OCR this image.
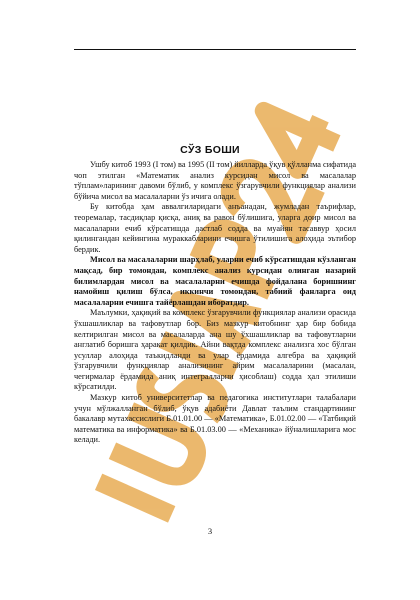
СЎЗ БОШИ

Ушбу китоб 1993 (I том) ва 1995 (II том) йилларда ўқув қўлланма сифатида чоп этилган «Математик анализ курсидан мисол ва масалалар тўплам»ларининг давоми бўлиб, у комплекс ўзгарувчили функциялар анализи бўйича мисол ва масалаларни ўз ичига олади.

Бу китобда ҳам аввалгиларидаги анъанадан, жумладан таърифлар, теоремалар, тасдиқлар қисқа, аниқ ва равон бўлишига, уларга доир мисол ва масалаларни ечиб кўрсатишда дастлаб содда ва муайян тасаввур ҳосил қилингандан кейингина мураккабларини ечишга ўтилишига алоҳида эътибор бердик.

Мисол ва масалаларни шарҳлаб, уларни ечиб кўрсатишдан кўзланган мақсад, бир томондан, комплекс анализ курсидан олинган назарий билимлардан мисол ва масалаларни ечишда фойдалана боришнинг намойиш қилиш бўлса, иккинчи томондан, табиий фанларга оид масалаларни ечишга тайёрлашдан иборатдир.

Маълумки, ҳақиқий ва комплекс ўзгарувчили функциялар анализи орасида ўхшашликлар ва тафовутлар бор. Биз мазкур китобнинг ҳар бир бобида келтирилган мисол ва масалаларда ана шу ўхшашликлар ва тафовутларни англатиб боришга ҳаракат қилдик. Айни вақтда комплекс анализга хос бўлган усуллар алоҳида таъкидланди ва улар ёрдамида алгебра ва ҳақиқий ўзгарувчили функциялар анализининг айрим масалаларини (масалан, чегирмалар ёрдамида аниқ интегралларни ҳисоблаш) содда ҳал этилиши кўрсатилди.

Мазкур китоб университетлар ва педагогика институтлари талабалари учун мўлжалланган бўлиб, ўқув адабиёти Давлат таълим стандартининг бакалавр мутахассислиги Б.01.01.00 — «Математика», Б.01.02.00 — «Татбиқий математика ва информатика» ва Б.01.03.00 — «Механика» йўналишларига мос келади.

3
